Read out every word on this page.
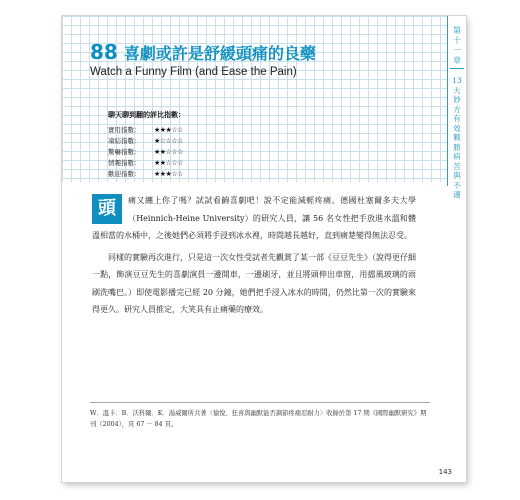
第十一章
13大妙方有效戰勝病苦與不適
88 喜劇或許是舒緩頭痛的良藥
Watch a Funny Film (and Ease the Pain)
聊天聊到翻的評比指數：
實用指數：	★★★☆☆
凍結指數：	★☆☆☆☆
驚嚇指數：	★★☆☆☆
情趣指數：	★★☆☆☆
歡迎指數：	★★★☆☆
頭	痛又纏上你了嗎？試試看齣喜劇吧！說不定能減輕疼痛。德國杜塞爾多夫大學（Heinnich-Heine University）的研究人員，讓 56 名女性把手放進水溫和體溫相當的水桶中，之後她們必須將手浸到冰水裡，時間越長越好，直到痛楚變得無法忍受。

同樣的實驗再次進行，只是這一次女性受試者先觀賞了某一部《豆豆先生》（說得更仔細一點，飾演豆豆先生的喜劇演員一邊開車，一邊刷牙，並且將頭伸出車窗，用擋風玻璃的雨刷洗嘴巴。）即使電影播完已經 20 分鐘，她們把手浸入冰水的時間，仍然比第一次的實驗來得更久。研究人員推定，大笑具有止痛藥的療效。

W．溫卡．B．沃科爾．K．湯威爾所共著〈愉悅、狂喜與幽默能否調節疼痛忍耐力〉收錄於第 17 期《國際幽默研究》期刊（2004），頁 67 － 84 頁。
143
